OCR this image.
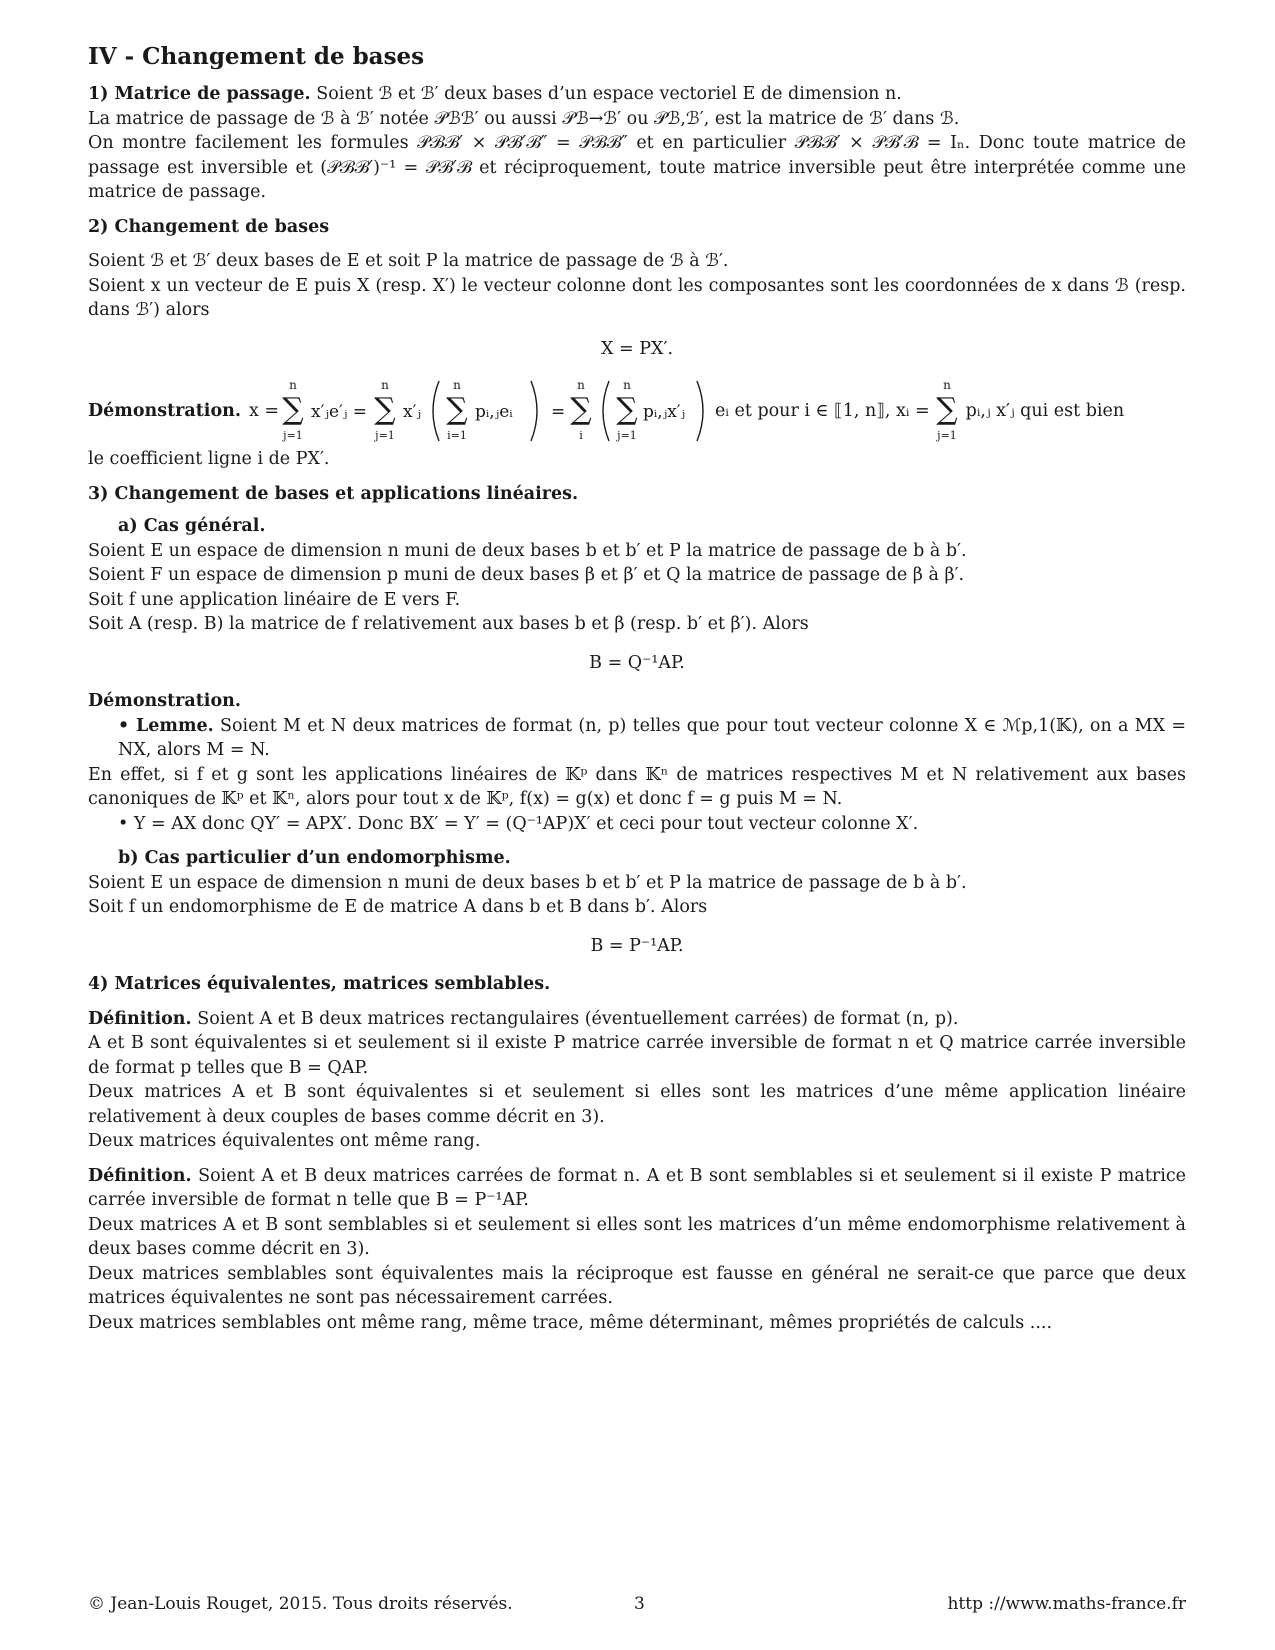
IV - Changement de bases

1) Matrice de passage. Soient ℬ et ℬ′ deux bases d’un espace vectoriel E de dimension n.

La matrice de passage de ℬ à ℬ′ notée 𝒫ℬℬ′ ou aussi 𝒫ℬ→ℬ′ ou 𝒫ℬ,ℬ′, est la matrice de ℬ′ dans ℬ.

On montre facilement les formules 𝒫ℬℬ′ × 𝒫ℬ′ℬ″ = 𝒫ℬℬ″ et en particulier 𝒫ℬℬ′ × 𝒫ℬ′ℬ = Iₙ. Donc toute matrice de passage est inversible et (𝒫ℬℬ′)⁻¹ = 𝒫ℬ′ℬ et réciproquement, toute matrice inversible peut être interprétée comme une matrice de passage.

2) Changement de bases

Soient ℬ et ℬ′ deux bases de E et soit P la matrice de passage de ℬ à ℬ′.

Soient x un vecteur de E puis X (resp. X′) le vecteur colonne dont les composantes sont les coordonnées de x dans ℬ (resp. dans ℬ′) alors

X = PX′.

Démonstration. x =
n
∑
j=1
x′ⱼe′ⱼ =
n
∑
j=1
x′ⱼ
n
∑
i=1
pᵢ,ⱼeᵢ =
n
∑
i
n
∑
j=1
pᵢ,ⱼx′ⱼ eᵢ et pour i ∈ ⟦1, n⟧, xᵢ =
n
∑
j=1
pᵢ,ⱼ x′ⱼ qui est bien

le coefficient ligne i de PX′.

3) Changement de bases et applications linéaires.

a) Cas général.

Soient E un espace de dimension n muni de deux bases b et b′ et P la matrice de passage de b à b′.

Soient F un espace de dimension p muni de deux bases β et β′ et Q la matrice de passage de β à β′.

Soit f une application linéaire de E vers F.

Soit A (resp. B) la matrice de f relativement aux bases b et β (resp. b′ et β′). Alors

B = Q⁻¹AP.

Démonstration.

• Lemme. Soient M et N deux matrices de format (n, p) telles que pour tout vecteur colonne X ∈ ℳp,1(𝕂), on a MX = NX, alors M = N.

En effet, si f et g sont les applications linéaires de 𝕂ᵖ dans 𝕂ⁿ de matrices respectives M et N relativement aux bases canoniques de 𝕂ᵖ et 𝕂ⁿ, alors pour tout x de 𝕂ᵖ, f(x) = g(x) et donc f = g puis M = N.

• Y = AX donc QY′ = APX′. Donc BX′ = Y′ = (Q⁻¹AP)X′ et ceci pour tout vecteur colonne X′.

b) Cas particulier d’un endomorphisme.

Soient E un espace de dimension n muni de deux bases b et b′ et P la matrice de passage de b à b′.

Soit f un endomorphisme de E de matrice A dans b et B dans b′. Alors

B = P⁻¹AP.

4) Matrices équivalentes, matrices semblables.

Définition. Soient A et B deux matrices rectangulaires (éventuellement carrées) de format (n, p).

A et B sont équivalentes si et seulement si il existe P matrice carrée inversible de format n et Q matrice carrée inversible de format p telles que B = QAP.

Deux matrices A et B sont équivalentes si et seulement si elles sont les matrices d’une même application linéaire relativement à deux couples de bases comme décrit en 3).

Deux matrices équivalentes ont même rang.

Définition. Soient A et B deux matrices carrées de format n. A et B sont semblables si et seulement si il existe P matrice carrée inversible de format n telle que B = P⁻¹AP.

Deux matrices A et B sont semblables si et seulement si elles sont les matrices d’un même endomorphisme relativement à deux bases comme décrit en 3).

Deux matrices semblables sont équivalentes mais la réciproque est fausse en général ne serait-ce que parce que deux matrices équivalentes ne sont pas nécessairement carrées.

Deux matrices semblables ont même rang, même trace, même déterminant, mêmes propriétés de calculs ....

© Jean-Louis Rouget, 2015. Tous droits réservés.	3	http ://www.maths-france.fr
